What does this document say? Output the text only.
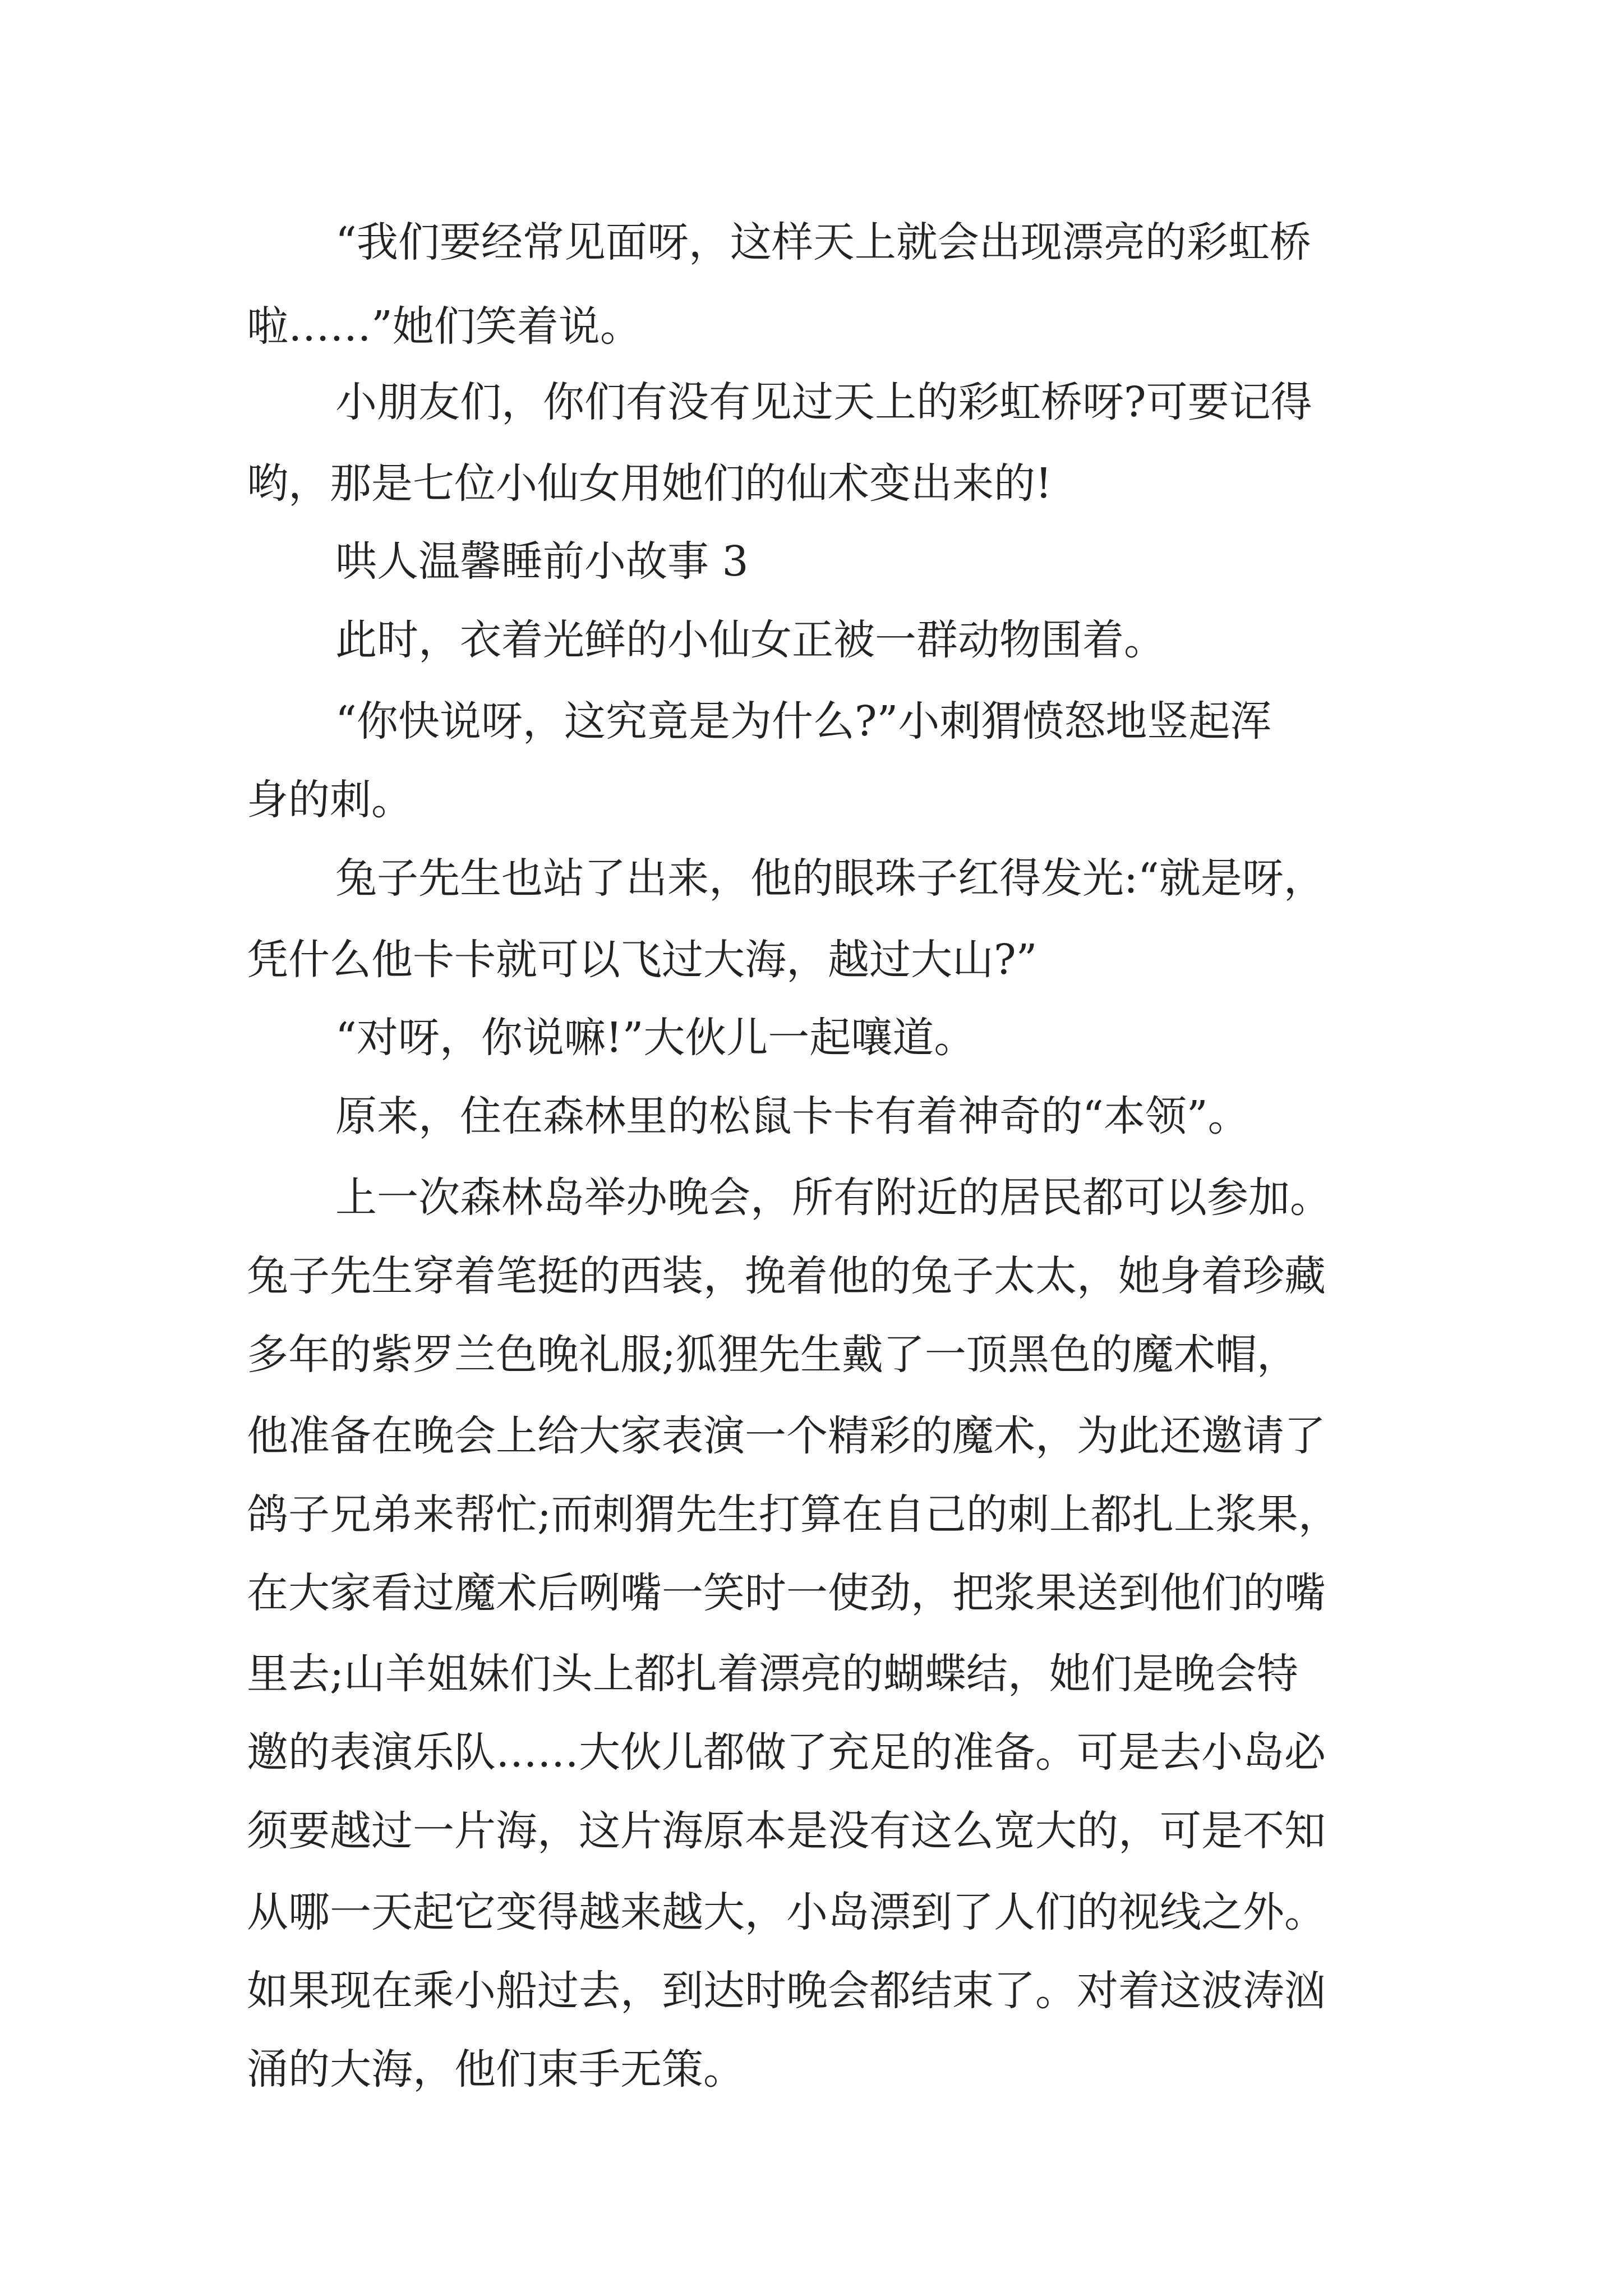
“我们要经常见面呀，这样天上就会出现漂亮的彩虹桥
啦……”她们笑着说。
小朋友们，你们有没有见过天上的彩虹桥呀?可要记得
哟，那是七位小仙女用她们的仙术变出来的!
哄人温馨睡前小故事 3
此时，衣着光鲜的小仙女正被一群动物围着。
“你快说呀，这究竟是为什么?”小刺猬愤怒地竖起浑
身的刺。
兔子先生也站了出来，他的眼珠子红得发光:“就是呀，
凭什么他卡卡就可以飞过大海，越过大山?”
“对呀，你说嘛!”大伙儿一起嚷道。
原来，住在森林里的松鼠卡卡有着神奇的“本领”。
上一次森林岛举办晚会，所有附近的居民都可以参加。
兔子先生穿着笔挺的西装，挽着他的兔子太太，她身着珍藏
多年的紫罗兰色晚礼服;狐狸先生戴了一顶黑色的魔术帽，
他准备在晚会上给大家表演一个精彩的魔术，为此还邀请了
鸽子兄弟来帮忙;而刺猬先生打算在自己的刺上都扎上浆果，
在大家看过魔术后咧嘴一笑时一使劲，把浆果送到他们的嘴
里去;山羊姐妹们头上都扎着漂亮的蝴蝶结，她们是晚会特
邀的表演乐队……大伙儿都做了充足的准备。可是去小岛必
须要越过一片海，这片海原本是没有这么宽大的，可是不知
从哪一天起它变得越来越大，小岛漂到了人们的视线之外。
如果现在乘小船过去，到达时晚会都结束了。对着这波涛汹
涌的大海，他们束手无策。
